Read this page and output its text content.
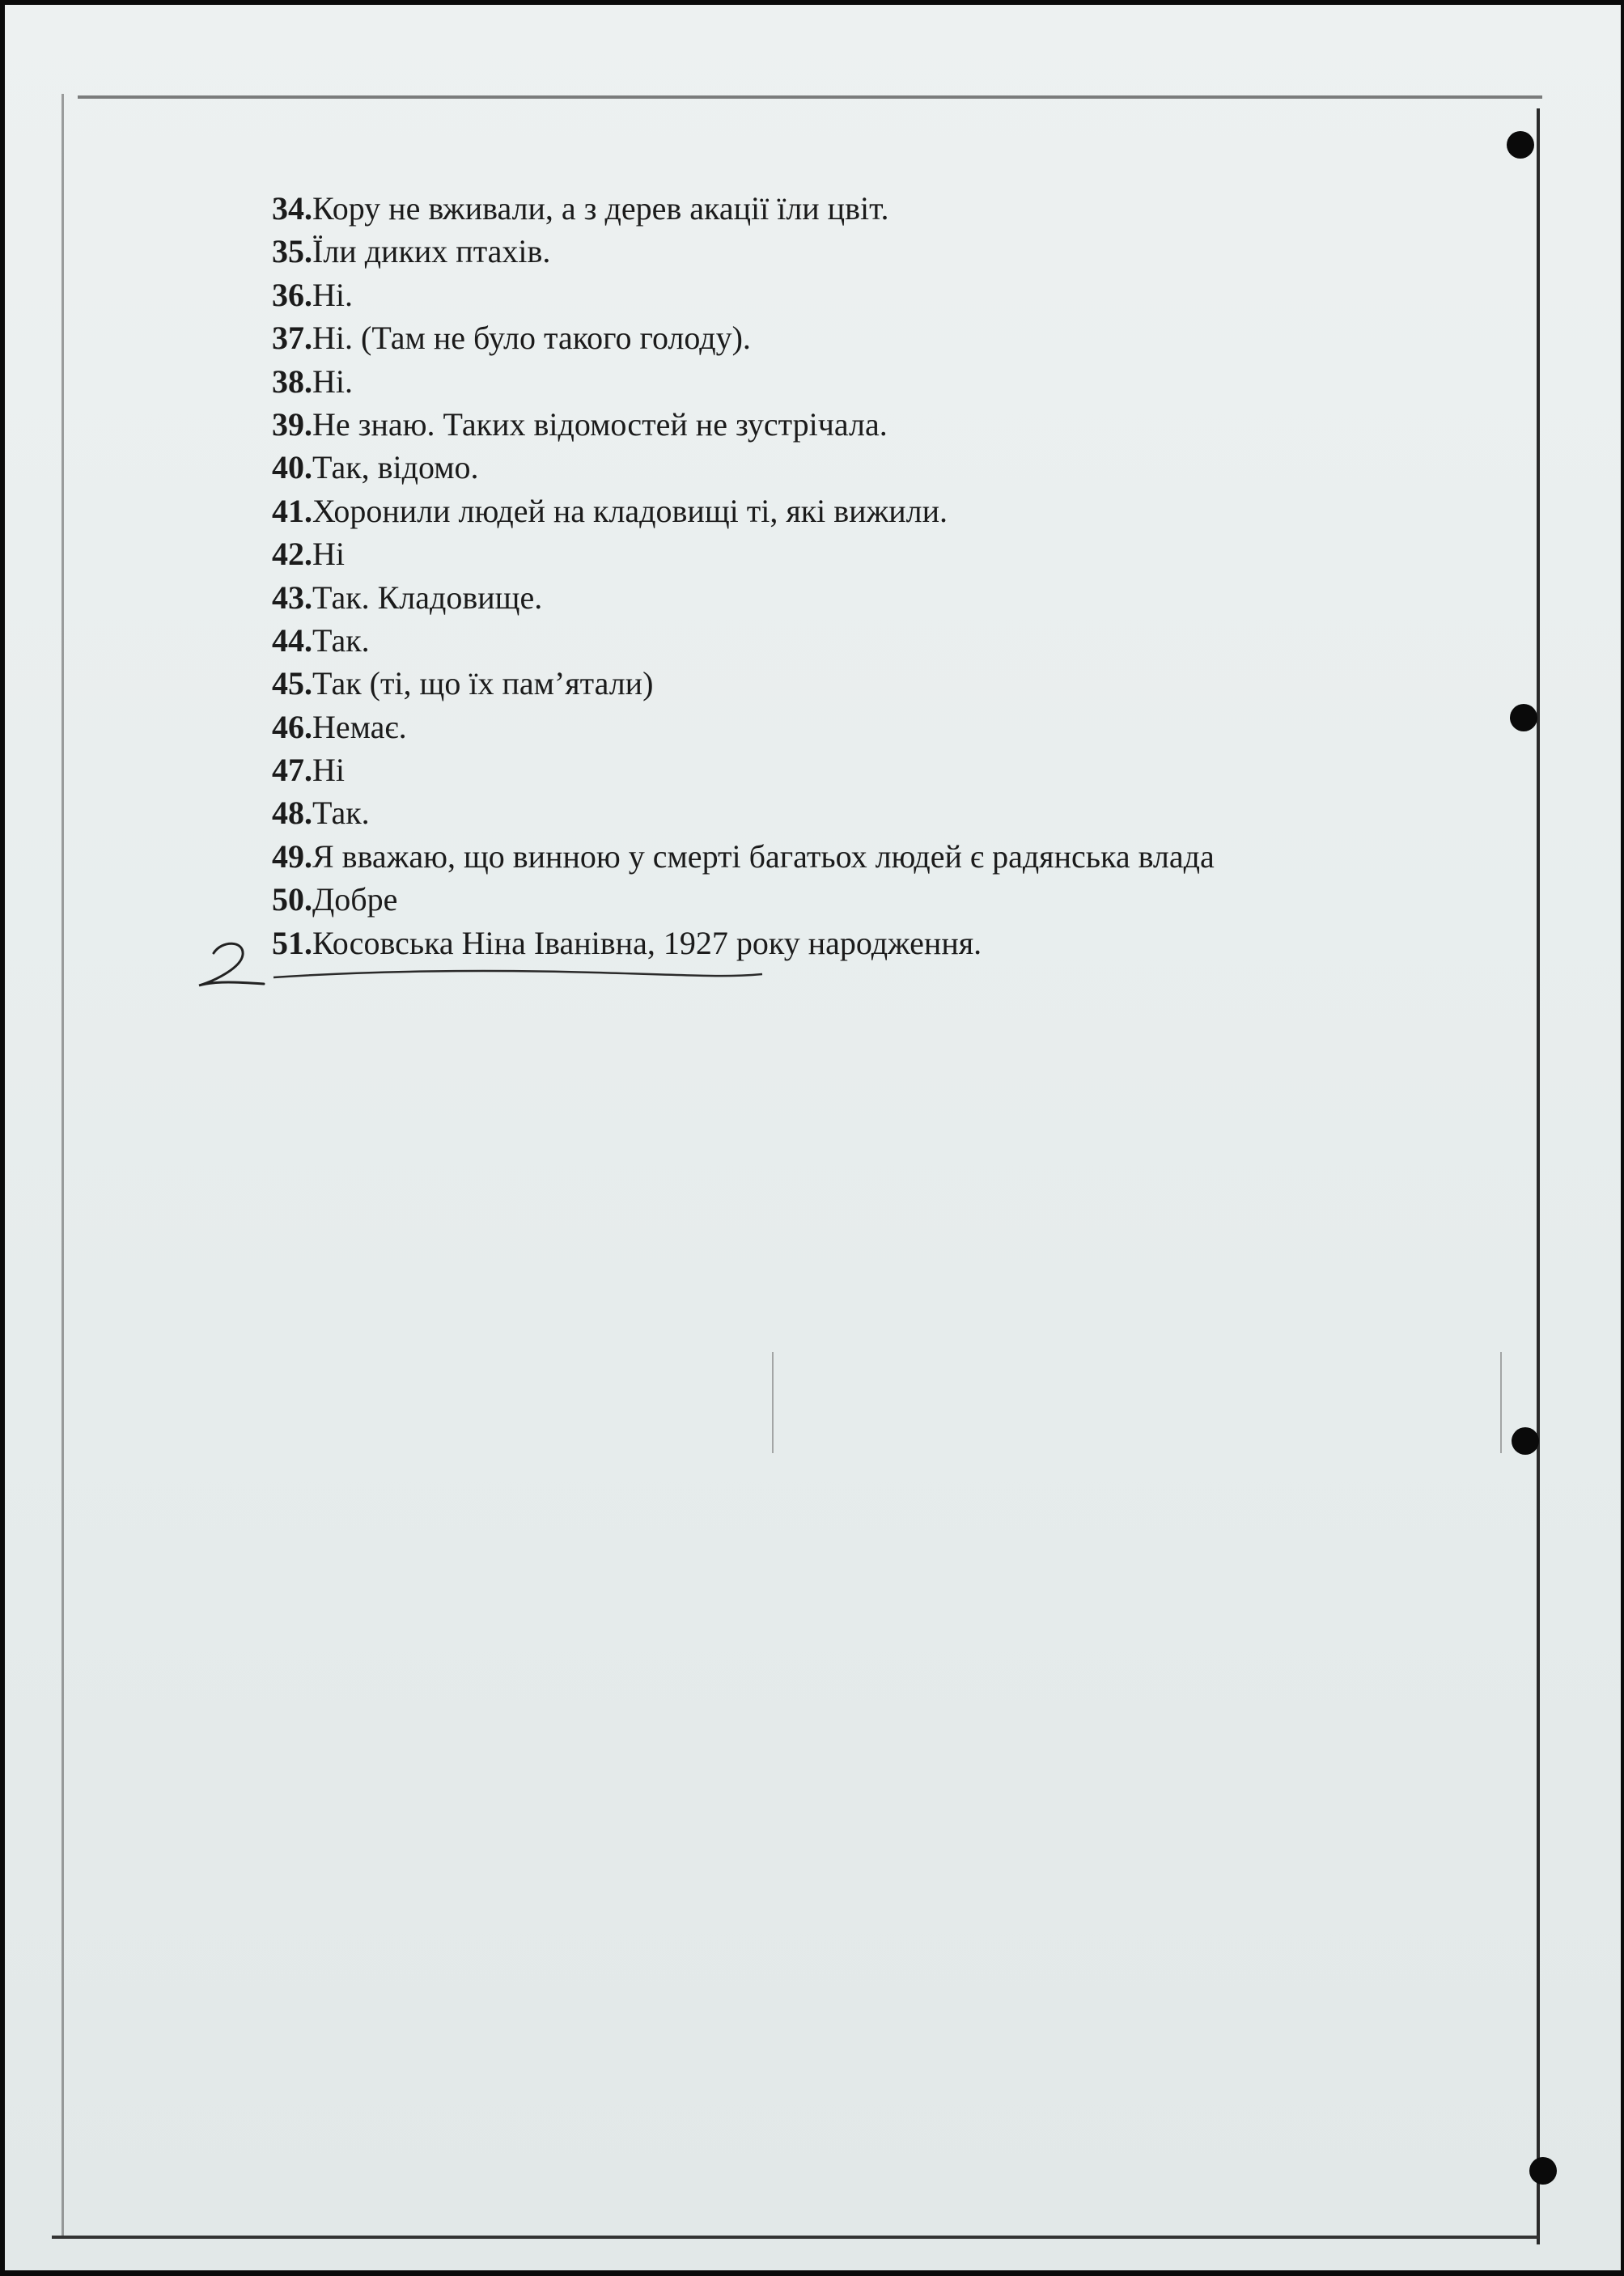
34.Кору не вживали, а з дерев акації їли цвіт.
35.Їли диких птахів.
36.Ні.
37.Ні. (Там не було такого голоду).
38.Ні.
39.Не знаю. Таких відомостей не зустрічала.
40.Так, відомо.
41.Хоронили людей на кладовищі ті, які вижили.
42.Ні
43.Так. Кладовище.
44.Так.
45.Так (ті, що їх пам’ятали)
46.Немає.
47.Ні
48.Так.
49.Я вважаю, що винною у смерті багатьох людей є радянська влада
50.Добре
51.Косовська Ніна Іванівна, 1927 року народження.
